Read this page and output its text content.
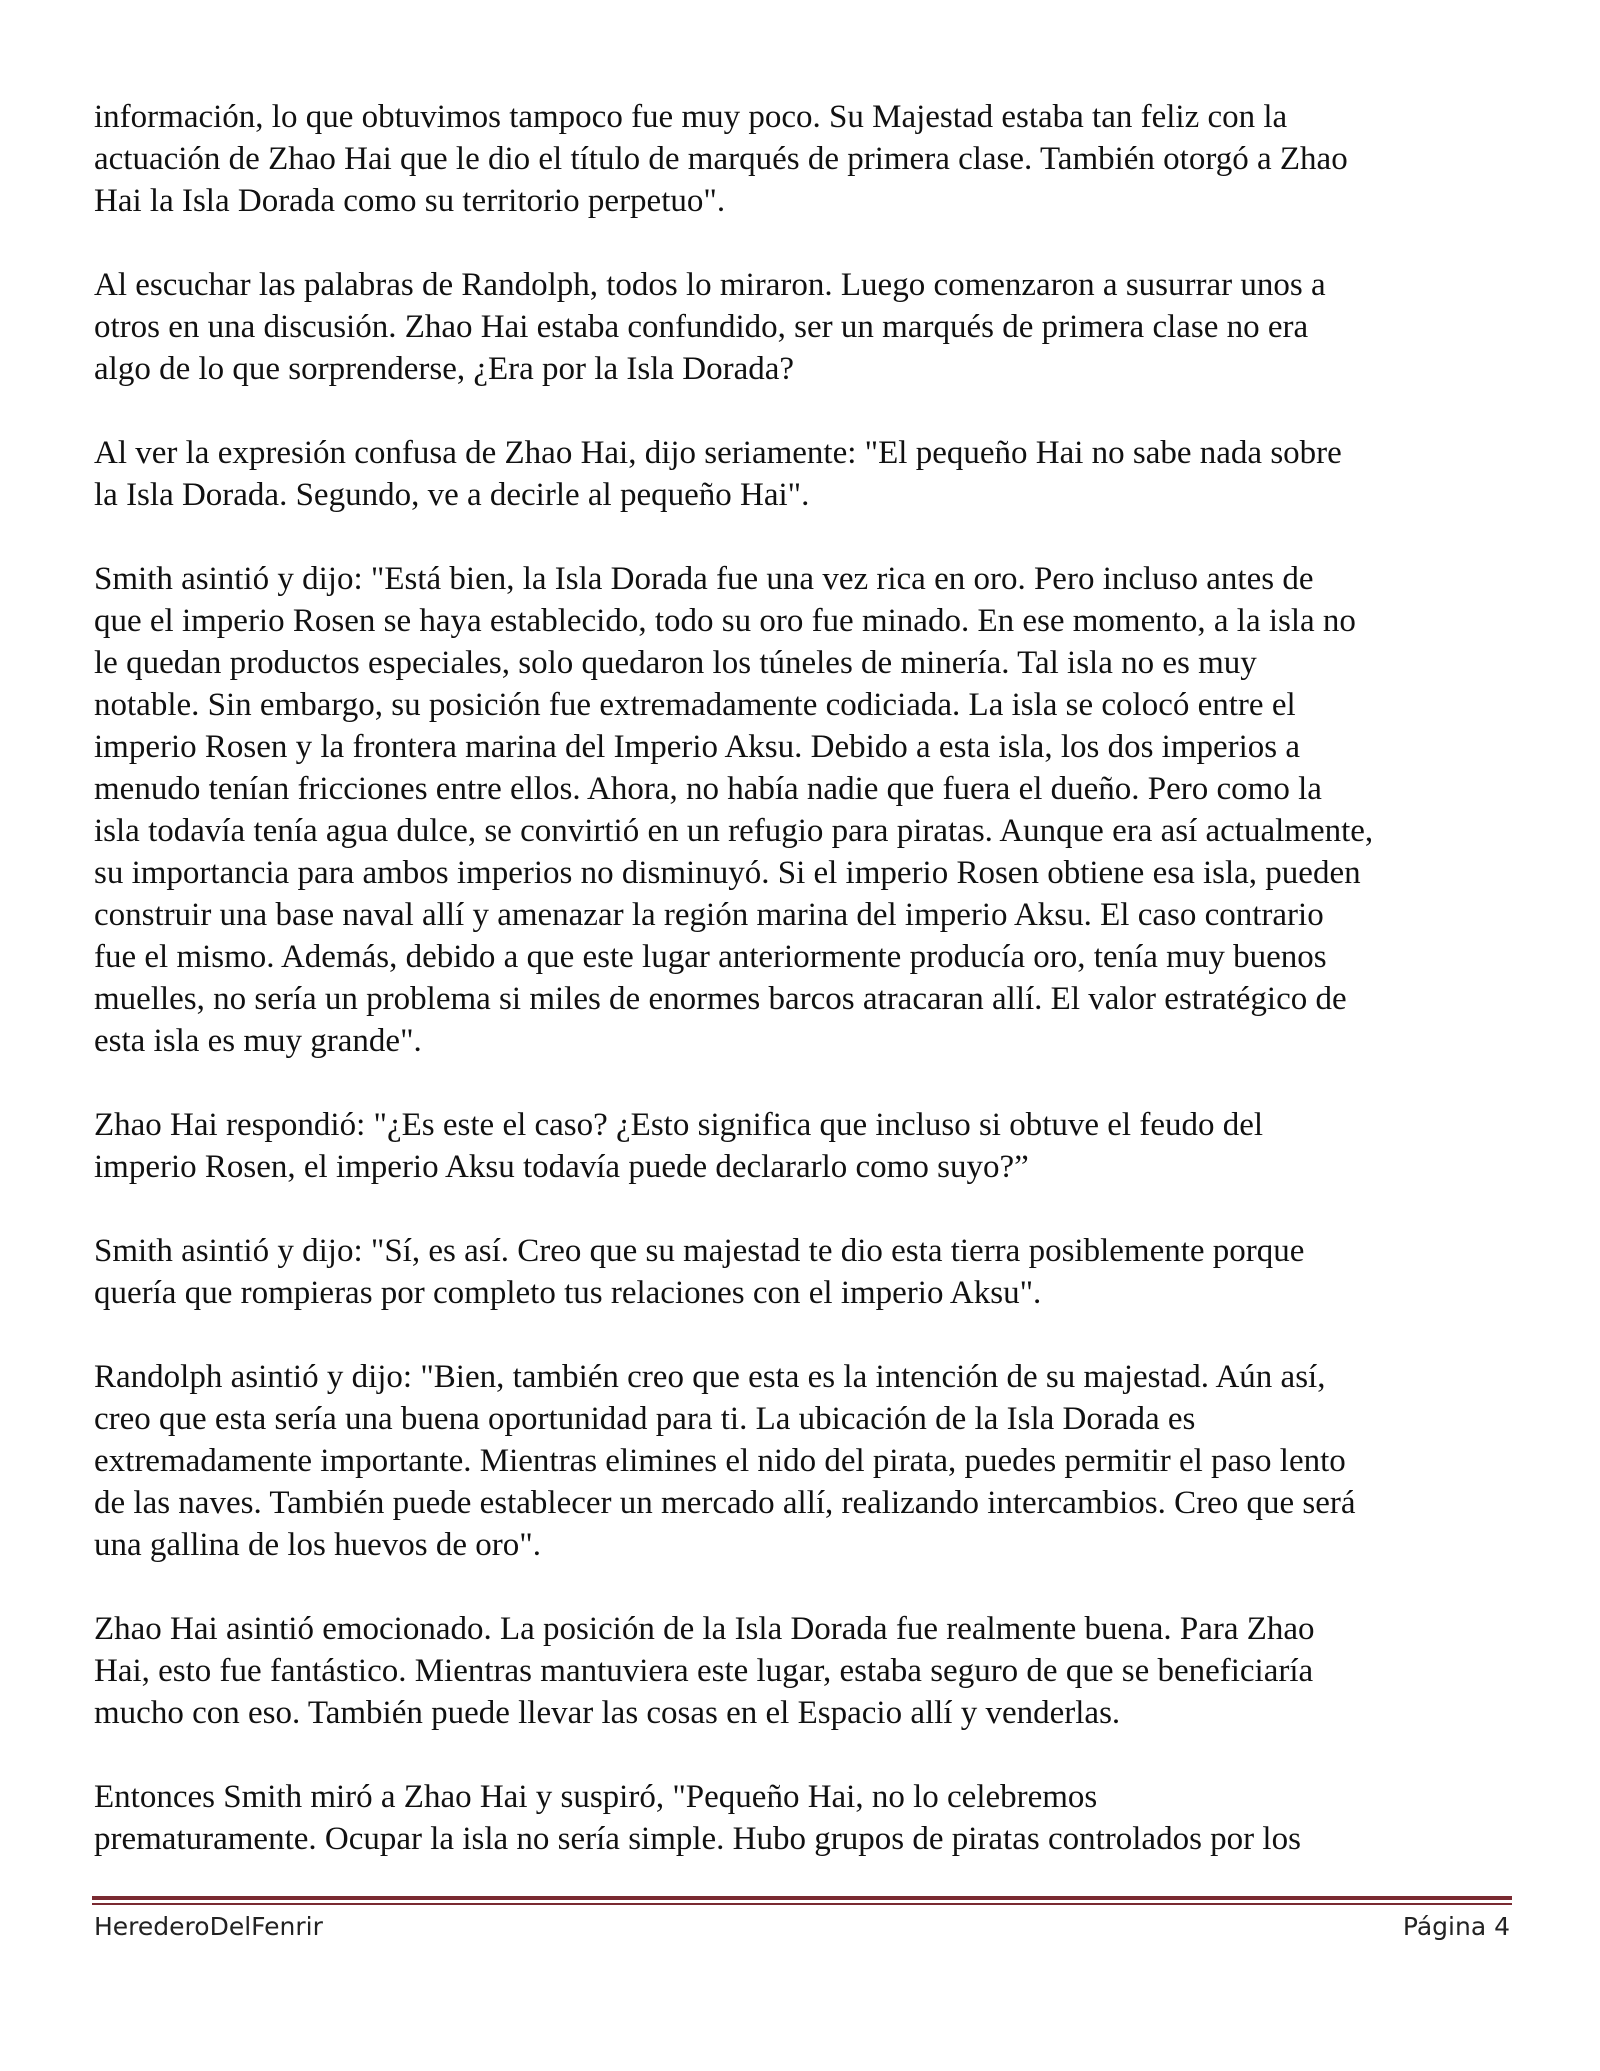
información, lo que obtuvimos tampoco fue muy poco. Su Majestad estaba tan feliz con la
actuación de Zhao Hai que le dio el título de marqués de primera clase. También otorgó a Zhao
Hai la Isla Dorada como su territorio perpetuo".

Al escuchar las palabras de Randolph, todos lo miraron. Luego comenzaron a susurrar unos a
otros en una discusión. Zhao Hai estaba confundido, ser un marqués de primera clase no era
algo de lo que sorprenderse, ¿Era por la Isla Dorada?

Al ver la expresión confusa de Zhao Hai, dijo seriamente: "El pequeño Hai no sabe nada sobre
la Isla Dorada. Segundo, ve a decirle al pequeño Hai".

Smith asintió y dijo: "Está bien, la Isla Dorada fue una vez rica en oro. Pero incluso antes de
que el imperio Rosen se haya establecido, todo su oro fue minado. En ese momento, a la isla no
le quedan productos especiales, solo quedaron los túneles de minería. Tal isla no es muy
notable. Sin embargo, su posición fue extremadamente codiciada. La isla se colocó entre el
imperio Rosen y la frontera marina del Imperio Aksu. Debido a esta isla, los dos imperios a
menudo tenían fricciones entre ellos. Ahora, no había nadie que fuera el dueño. Pero como la
isla todavía tenía agua dulce, se convirtió en un refugio para piratas. Aunque era así actualmente,
su importancia para ambos imperios no disminuyó. Si el imperio Rosen obtiene esa isla, pueden
construir una base naval allí y amenazar la región marina del imperio Aksu. El caso contrario
fue el mismo. Además, debido a que este lugar anteriormente producía oro, tenía muy buenos
muelles, no sería un problema si miles de enormes barcos atracaran allí. El valor estratégico de
esta isla es muy grande".

Zhao Hai respondió: "¿Es este el caso? ¿Esto significa que incluso si obtuve el feudo del
imperio Rosen, el imperio Aksu todavía puede declararlo como suyo?”

Smith asintió y dijo: "Sí, es así. Creo que su majestad te dio esta tierra posiblemente porque
quería que rompieras por completo tus relaciones con el imperio Aksu".

Randolph asintió y dijo: "Bien, también creo que esta es la intención de su majestad. Aún así,
creo que esta sería una buena oportunidad para ti. La ubicación de la Isla Dorada es
extremadamente importante. Mientras elimines el nido del pirata, puedes permitir el paso lento
de las naves. También puede establecer un mercado allí, realizando intercambios. Creo que será
una gallina de los huevos de oro".

Zhao Hai asintió emocionado. La posición de la Isla Dorada fue realmente buena. Para Zhao
Hai, esto fue fantástico. Mientras mantuviera este lugar, estaba seguro de que se beneficiaría
mucho con eso. También puede llevar las cosas en el Espacio allí y venderlas.

Entonces Smith miró a Zhao Hai y suspiró, "Pequeño Hai, no lo celebremos
prematuramente. Ocupar la isla no sería simple. Hubo grupos de piratas controlados por los

HerederoDelFenrir	Página 4
